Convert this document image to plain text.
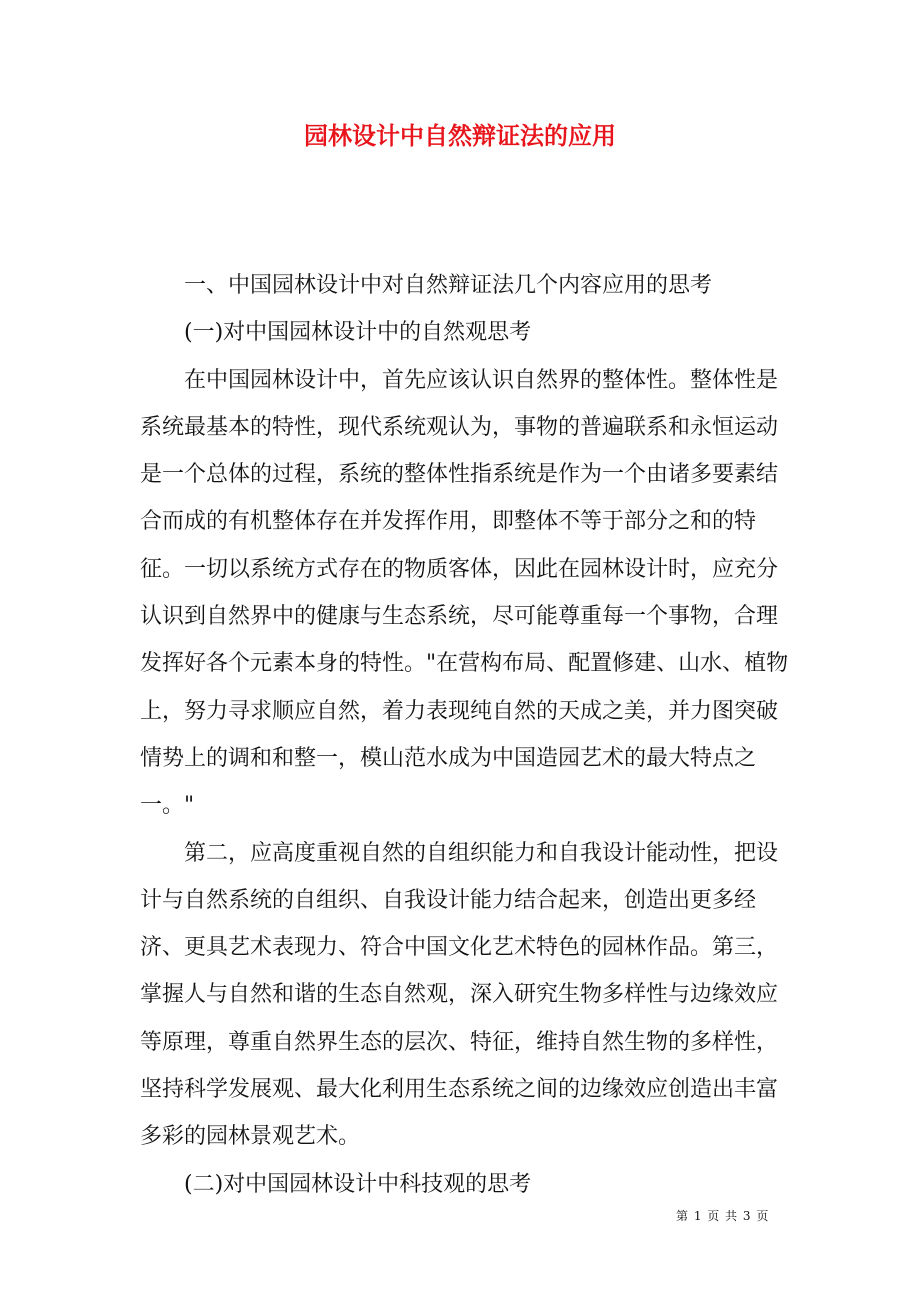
园林设计中自然辩证法的应用

一、中国园林设计中对自然辩证法几个内容应用的思考

(一)对中国园林设计中的自然观思考

在中国园林设计中，首先应该认识自然界的整体性。整体性是系统最基本的特性，现代系统观认为，事物的普遍联系和永恒运动是一个总体的过程，系统的整体性指系统是作为一个由诸多要素结合而成的有机整体存在并发挥作用，即整体不等于部分之和的特征。一切以系统方式存在的物质客体，因此在园林设计时，应充分认识到自然界中的健康与生态系统，尽可能尊重每一个事物，合理发挥好各个元素本身的特性。"在营构布局、配置修建、山水、植物上，努力寻求顺应自然，着力表现纯自然的天成之美，并力图突破情势上的调和和整一，模山范水成为中国造园艺术的最大特点之一。"

第二，应高度重视自然的自组织能力和自我设计能动性，把设计与自然系统的自组织、自我设计能力结合起来，创造出更多经济、更具艺术表现力、符合中国文化艺术特色的园林作品。第三，掌握人与自然和谐的生态自然观，深入研究生物多样性与边缘效应等原理，尊重自然界生态的层次、特征，维持自然生物的多样性，坚持科学发展观、最大化利用生态系统之间的边缘效应创造出丰富多彩的园林景观艺术。

(二)对中国园林设计中科技观的思考

第 1 页 共 3 页
